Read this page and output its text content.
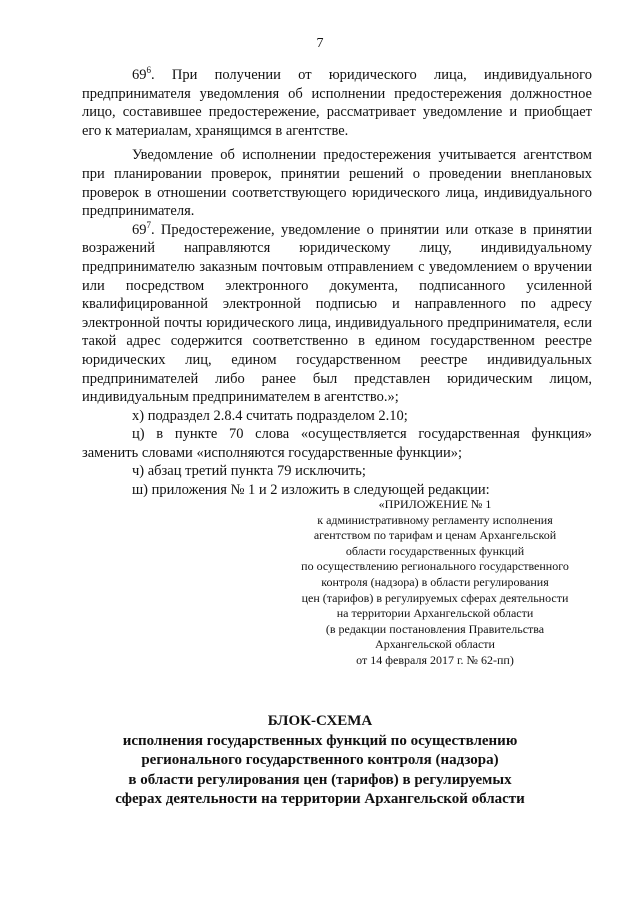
7

$69^6$. При получении от юридического лица, индивидуального предпринимателя уведомления об исполнении предостережения должностное лицо, составившее предостережение, рассматривает уведомление и приобщает его к материалам, хранящимся в агентстве.

Уведомление об исполнении предостережения учитывается агентством при планировании проверок, принятии решений о проведении внеплановых проверок в отношении соответствующего юридического лица, индивидуального предпринимателя.

$69^7$. Предостережение, уведомление о принятии или отказе в принятии возражений направляются юридическому лицу, индивидуальному предпринимателю заказным почтовым отправлением с уведомлением о вручении или посредством электронного документа, подписанного усиленной квалифицированной электронной подписью и направленного по адресу электронной почты юридического лица, индивидуального предпринимателя, если такой адрес содержится соответственно в едином государственном реестре юридических лиц, едином государственном реестре индивидуальных предпринимателей либо ранее был представлен юридическим лицом, индивидуальным предпринимателем в агентство.»;

х) подраздел 2.8.4 считать подразделом 2.10;

ц) в пункте 70 слова «осуществляется государственная функция» заменить словами «исполняются государственные функции»;

ч) абзац третий пункта 79 исключить;

ш) приложения № 1 и 2 изложить в следующей редакции:

«ПРИЛОЖЕНИЕ № 1
к административному регламенту исполнения
агентством по тарифам и ценам Архангельской
области государственных функций
по осуществлению регионального государственного
контроля (надзора) в области регулирования
цен (тарифов) в регулируемых сферах деятельности
на территории Архангельской области
(в редакции постановления Правительства
Архангельской области
от 14 февраля 2017 г. № 62-пп)
БЛОК-СХЕМА
исполнения государственных функций по осуществлению
регионального государственного контроля (надзора)
в области регулирования цен (тарифов) в регулируемых
сферах деятельности на территории Архангельской области
